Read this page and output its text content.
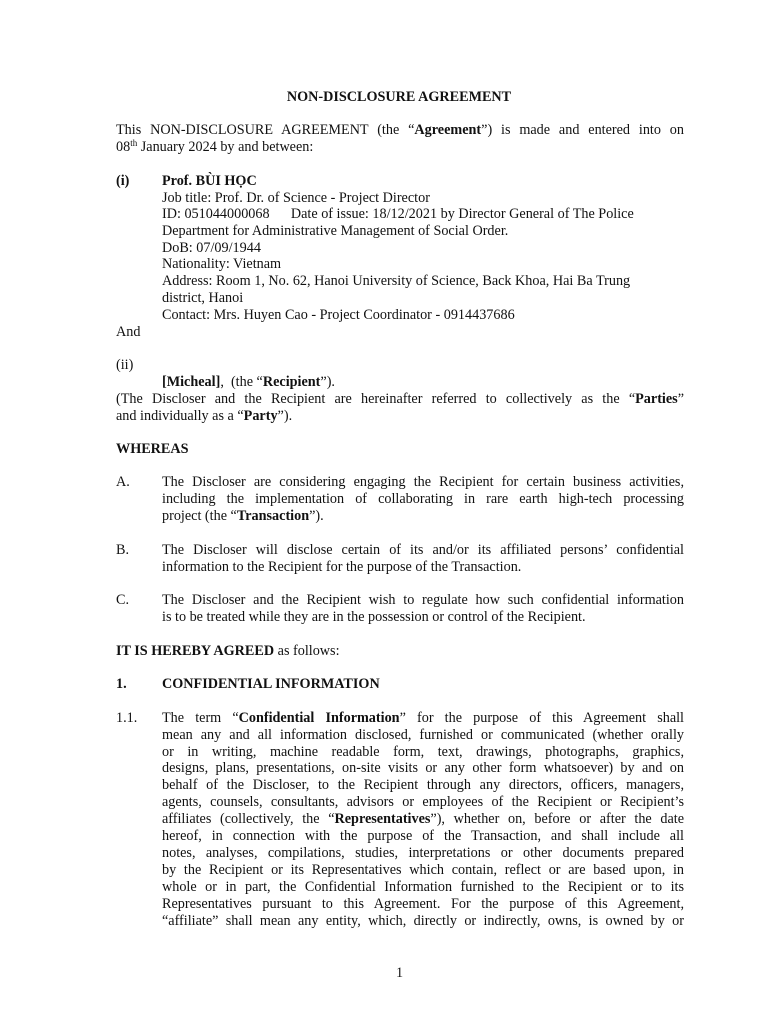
NON-DISCLOSURE AGREEMENT
This NON-DISCLOSURE AGREEMENT (the “Agreement”) is made and entered into on
08th January 2024 by and between:
(i) Prof. BÙI HỌC
Job title: Prof. Dr. of Science - Project Director
ID: 051044000068      Date of issue: 18/12/2021 by Director General of The Police
Department for Administrative Management of Social Order.
DoB: 07/09/1944
Nationality: Vietnam
Address: Room 1, No. 62, Hanoi University of Science, Back Khoa, Hai Ba Trung
district, Hanoi
Contact: Mrs. Huyen Cao - Project Coordinator - 0914437686
And
(ii)

[Micheal],  (the “Recipient”).
(The Discloser and the Recipient are hereinafter referred to collectively as the “Parties”
and individually as a “Party”).
WHEREAS
A. The Discloser are considering engaging the Recipient for certain business activities,
including the implementation of collaborating in rare earth high-tech processing
project (the “Transaction”).
B. The Discloser will disclose certain of its and/or its affiliated persons’ confidential
information to the Recipient for the purpose of the Transaction.
C. The Discloser and the Recipient wish to regulate how such confidential information
is to be treated while they are in the possession or control of the Recipient.
IT IS HEREBY AGREED as follows:
1. CONFIDENTIAL INFORMATION
1.1. The term “Confidential Information” for the purpose of this Agreement shall
mean any and all information disclosed, furnished or communicated (whether orally
or in writing, machine readable form, text, drawings, photographs, graphics,
designs, plans, presentations, on-site visits or any other form whatsoever) by and on
behalf of the Discloser, to the Recipient through any directors, officers, managers,
agents, counsels, consultants, advisors or employees of the Recipient or Recipient’s
affiliates (collectively, the “Representatives”), whether on, before or after the date
hereof, in connection with the purpose of the Transaction, and shall include all
notes, analyses, compilations, studies, interpretations or other documents prepared
by the Recipient or its Representatives which contain, reflect or are based upon, in
whole or in part, the Confidential Information furnished to the Recipient or to its
Representatives pursuant to this Agreement. For the purpose of this Agreement,
“affiliate” shall mean any entity, which, directly or indirectly, owns, is owned by or
1
